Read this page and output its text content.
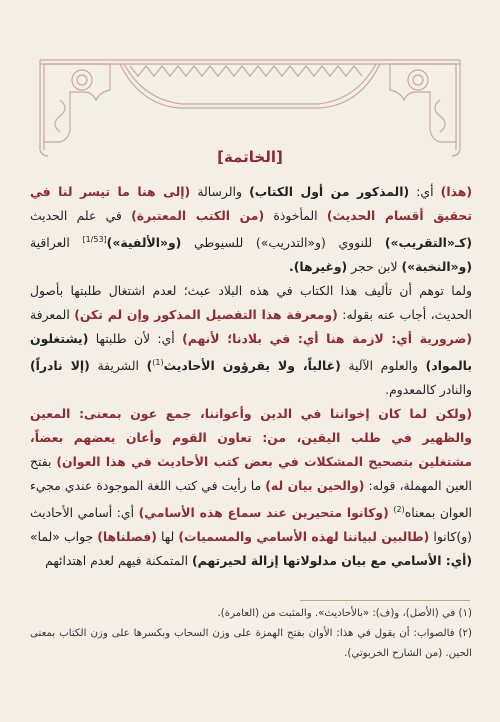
[الخاتمة]

(هذا) أي: (المذكور من أول الكتاب) والرسالة (إلى هنا ما تيسر لنا في تحقيق أقسام الحديث) المأخوذة (من الكتب المعتبرة) في علم الحديث (كـ«التقريب») للنووي (و«التدريب») للسيوطي (و«الألفية»)[1/53] العراقية (و«النخبة») لابن حجر (وغيرها).

ولما توهم أن تأليف هذا الكتاب في هذه البلاد عبث؛ لعدم اشتغال طلبتها بأصول الحديث، أجاب عنه بقوله: (ومعرفة هذا التفصيل المذكور وإن لم تكن) المعرفة (ضرورية أي: لازمة هنا أي: في بلادنا؛ لأنهم) أي: لأن طلبتها (يشتغلون بالمواد) والعلوم الآلية (غالباً، ولا يقرؤون الأحاديث$^{(1)}$) الشريفة (إلا نادراً) والنادر كالمعدوم.

(ولكن لما كان إخواننا في الدين وأعواننا، جمع عون بمعنى: المعين والظهير في طلب اليقين، من: تعاون القوم وأعان بعضهم بعضاً، مشتغلين بتصحيح المشكلات في بعض كتب الأحاديث في هذا العوان) بفتح العين المهملة، قوله: (والحين بيان له) ما رأيت في كتب اللغة الموجودة عندي مجيء العوان بمعناه$^{(2)}$ (وكانوا متحيرين عند سماع هذه الأسامي) أي: أسامي الأحاديث (و)كانوا (طالبين لبياننا لهذه الأسامي والمسميات) لها (فصلناها) جواب «لما» (أي: الأسامي مع بيان مدلولاتها إزالة لحيرتهم) المتمكنة فيهم لعدم اهتدائهم

(١) في (الأصل)، و(ف): «بالأحاديث». والمثبت من (العامرة).

(٢) فالصواب: أن يقول في هذا: الأوان بفتح الهمزة على وزن السحاب وبكسرها على وزن الكتاب بمعنى الحين. (من الشارح الخربوتي).
